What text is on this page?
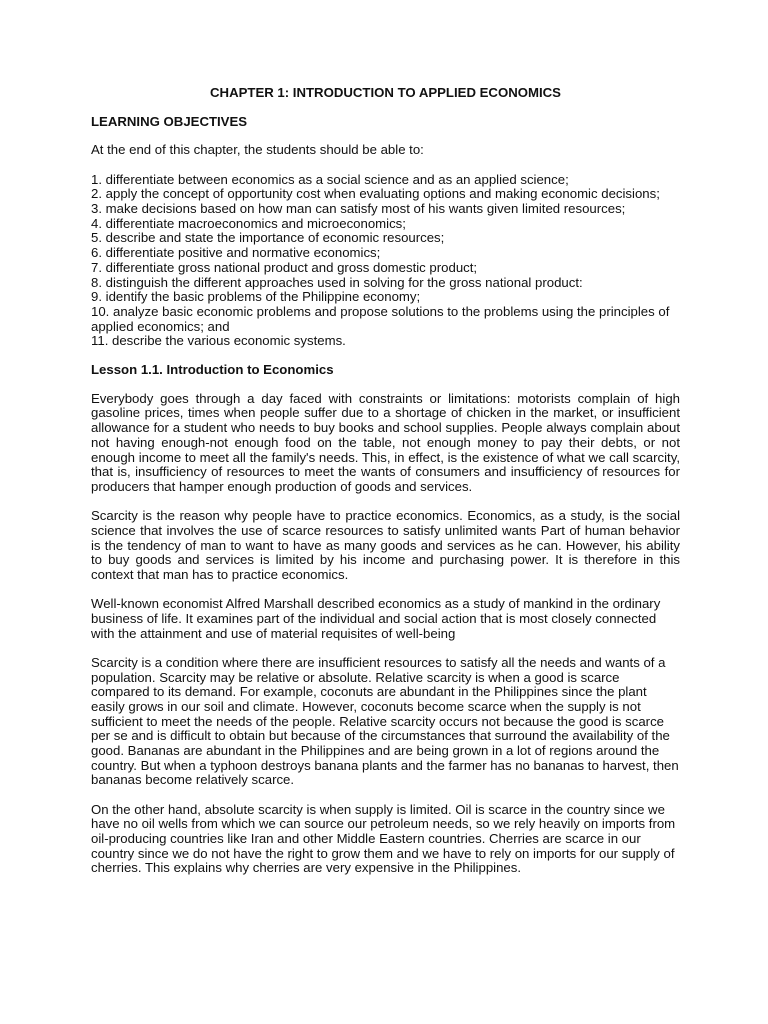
CHAPTER 1: INTRODUCTION TO APPLIED ECONOMICS
LEARNING OBJECTIVES
At the end of this chapter, the students should be able to:
1. differentiate between economics as a social science and as an applied science;
2. apply the concept of opportunity cost when evaluating options and making economic decisions;
3. make decisions based on how man can satisfy most of his wants given limited resources;
4. differentiate macroeconomics and microeconomics;
5. describe and state the importance of economic resources;
6. differentiate positive and normative economics;
7. differentiate gross national product and gross domestic product;
8. distinguish the different approaches used in solving for the gross national product:
9. identify the basic problems of the Philippine economy;
10. analyze basic economic problems and propose solutions to the problems using the principles of applied economics; and
11. describe the various economic systems.
Lesson 1.1. Introduction to Economics
Everybody goes through a day faced with constraints or limitations: motorists complain of high gasoline prices, times when people suffer due to a shortage of chicken in the market, or insufficient allowance for a student who needs to buy books and school supplies. People always complain about not having enough-not enough food on the table, not enough money to pay their debts, or not enough income to meet all the family's needs. This, in effect, is the existence of what we call scarcity, that is, insufficiency of resources to meet the wants of consumers and insufficiency of resources for producers that hamper enough production of goods and services.
Scarcity is the reason why people have to practice economics. Economics, as a study, is the social science that involves the use of scarce resources to satisfy unlimited wants Part of human behavior is the tendency of man to want to have as many goods and services as he can. However, his ability to buy goods and services is limited by his income and purchasing power. It is therefore in this context that man has to practice economics.
Well-known economist Alfred Marshall described economics as a study of mankind in the ordinary business of life. It examines part of the individual and social action that is most closely connected with the attainment and use of material requisites of well-being
Scarcity is a condition where there are insufficient resources to satisfy all the needs and wants of a population. Scarcity may be relative or absolute. Relative scarcity is when a good is scarce compared to its demand. For example, coconuts are abundant in the Philippines since the plant easily grows in our soil and climate. However, coconuts become scarce when the supply is not sufficient to meet the needs of the people. Relative scarcity occurs not because the good is scarce per se and is difficult to obtain but because of the circumstances that surround the availability of the good. Bananas are abundant in the Philippines and are being grown in a lot of regions around the country. But when a typhoon destroys banana plants and the farmer has no bananas to harvest, then bananas become relatively scarce.
On the other hand, absolute scarcity is when supply is limited. Oil is scarce in the country since we have no oil wells from which we can source our petroleum needs, so we rely heavily on imports from oil-producing countries like Iran and other Middle Eastern countries. Cherries are scarce in our country since we do not have the right to grow them and we have to rely on imports for our supply of cherries. This explains why cherries are very expensive in the Philippines.
